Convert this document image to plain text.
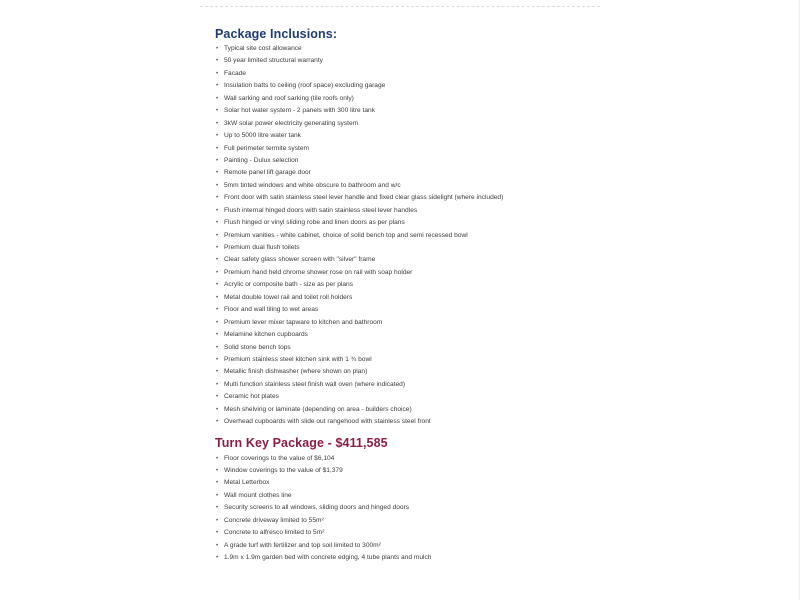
Package Inclusions:
• Typical site cost allowance
• 50 year limited structural warranty
• Facade
• Insulation batts to ceiling (roof space) excluding garage
• Wall sarking and roof sarking (tile roofs only)
• Solar hot water system - 2 panels with 300 litre tank
• 3kW solar power electricity generating system
• Up to 5000 litre water tank
• Full perimeter termite system
• Painting - Dulux selection
• Remote panel lift garage door
• 5mm tinted windows and white obscure to bathroom and w/c
• Front door with satin stainless steel lever handle and fixed clear glass sidelight (where included)
• Flush internal hinged doors with satin stainless steel lever handles
• Flush hinged or vinyl sliding robe and linen doors as per plans
• Premium vanities - white cabinet, choice of solid bench top and semi recessed bowl
• Premium dual flush toilets
• Clear safety glass shower screen with "silver" frame
• Premium hand held chrome shower rose on rail with soap holder
• Acrylic or composite bath - size as per plans
• Metal double towel rail and toilet roll holders
• Floor and wall tiling to wet areas
• Premium lever mixer tapware to kitchen and bathroom
• Melamine kitchen cupboards
• Solid stone bench tops
• Premium stainless steel kitchen sink with 1 ¾ bowl
• Metallic finish dishwasher (where shown on plan)
• Multi function stainless steel finish wall oven (where indicated)
• Ceramic hot plates
• Mesh shelving or laminate (depending on area - builders choice)
• Overhead cupboards with slide out rangehood with stainless steel front
Turn Key Package - $411,585
• Floor coverings to the value of $6,104
• Window coverings to the value of $1,379
• Metal Letterbox
• Wall mount clothes line
• Security screens to all windows, sliding doors and hinged doors
• Concrete driveway limited to 55m²
• Concrete to alfresco limited to 5m²
• A grade turf with fertilizer and top soil limited to 300m²
• 1.9m x 1.9m garden bed with concrete edging, 4 tube plants and mulch
